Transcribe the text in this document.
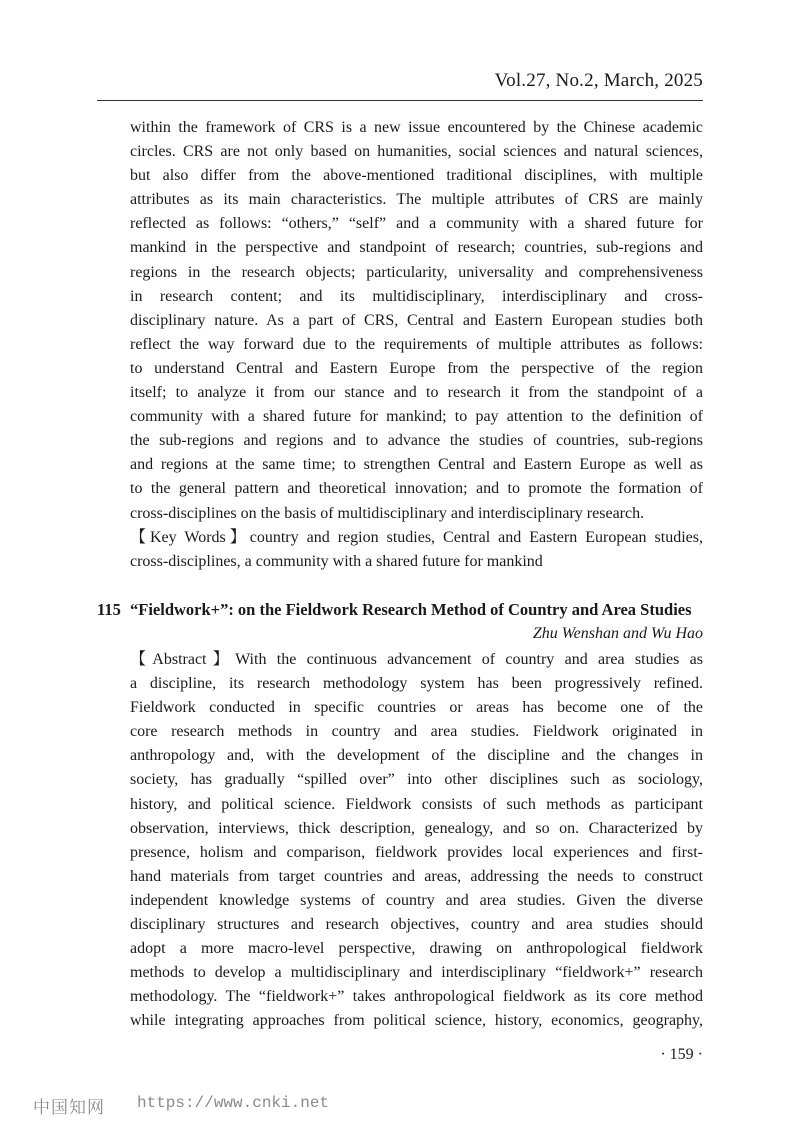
Vol.27, No.2, March, 2025
within the framework of CRS is a new issue encountered by the Chinese academic
circles. CRS are not only based on humanities, social sciences and natural sciences,
but also differ from the above-mentioned traditional disciplines, with multiple
attributes as its main characteristics. The multiple attributes of CRS are mainly
reflected as follows: “others,” “self” and a community with a shared future for
mankind in the perspective and standpoint of research; countries, sub-regions and
regions in the research objects; particularity, universality and comprehensiveness
in research content; and its multidisciplinary, interdisciplinary and cross-
disciplinary nature. As a part of CRS, Central and Eastern European studies both
reflect the way forward due to the requirements of multiple attributes as follows:
to understand Central and Eastern Europe from the perspective of the region
itself; to analyze it from our stance and to research it from the standpoint of a
community with a shared future for mankind; to pay attention to the definition of
the sub-regions and regions and to advance the studies of countries, sub-regions
and regions at the same time; to strengthen Central and Eastern Europe as well as
to the general pattern and theoretical innovation; and to promote the formation of
cross-disciplines on the basis of multidisciplinary and interdisciplinary research.
【Key Words】country and region studies, Central and Eastern European studies,
cross-disciplines, a community with a shared future for mankind
115 “Fieldwork+”: on the Fieldwork Research Method of Country and Area Studies
Zhu Wenshan and Wu Hao
【Abstract】With the continuous advancement of country and area studies as
a discipline, its research methodology system has been progressively refined.
Fieldwork conducted in specific countries or areas has become one of the
core research methods in country and area studies. Fieldwork originated in
anthropology and, with the development of the discipline and the changes in
society, has gradually “spilled over” into other disciplines such as sociology,
history, and political science. Fieldwork consists of such methods as participant
observation, interviews, thick description, genealogy, and so on. Characterized by
presence, holism and comparison, fieldwork provides local experiences and first-
hand materials from target countries and areas, addressing the needs to construct
independent knowledge systems of country and area studies. Given the diverse
disciplinary structures and research objectives, country and area studies should
adopt a more macro-level perspective, drawing on anthropological fieldwork
methods to develop a multidisciplinary and interdisciplinary “fieldwork+” research
methodology. The “fieldwork+” takes anthropological fieldwork as its core method
while integrating approaches from political science, history, economics, geography,
· 159 ·
中国知网 https://www.cnki.net
